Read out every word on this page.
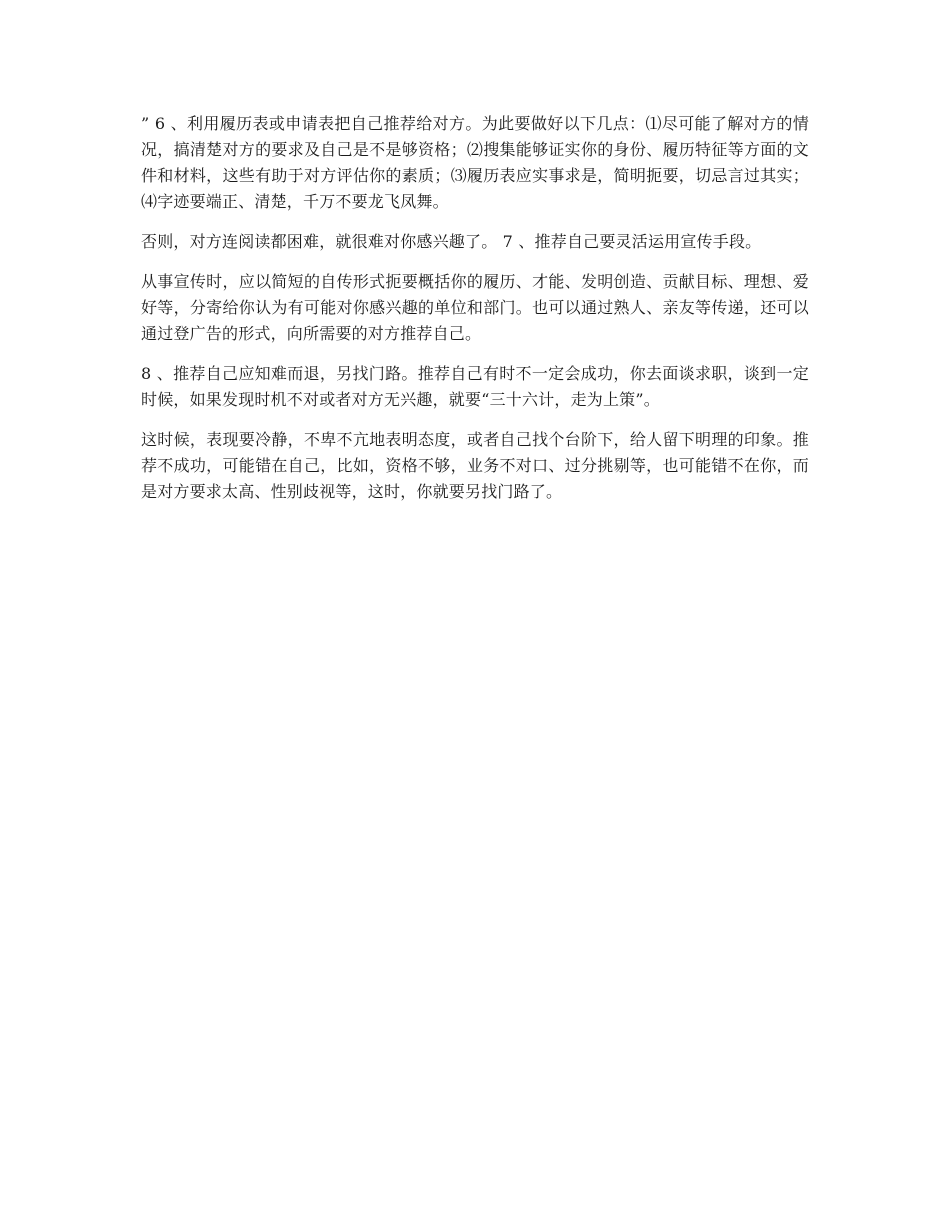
” 6 、利用履历表或申请表把自己推荐给对方。为此要做好以下几点：⑴尽可能了解对方的情况，搞清楚对方的要求及自己是不是够资格；⑵搜集能够证实你的身份、履历特征等方面的文件和材料，这些有助于对方评估你的素质；⑶履历表应实事求是，简明扼要，切忌言过其实；⑷字迹要端正、清楚，千万不要龙飞凤舞。

否则，对方连阅读都困难，就很难对你感兴趣了。 7 、推荐自己要灵活运用宣传手段。

从事宣传时，应以简短的自传形式扼要概括你的履历、才能、发明创造、贡献目标、理想、爱好等，分寄给你认为有可能对你感兴趣的单位和部门。也可以通过熟人、亲友等传递，还可以通过登广告的形式，向所需要的对方推荐自己。

8 、推荐自己应知难而退，另找门路。推荐自己有时不一定会成功，你去面谈求职，谈到一定时候，如果发现时机不对或者对方无兴趣，就要“三十六计，走为上策”。

这时候，表现要冷静，不卑不亢地表明态度，或者自己找个台阶下，给人留下明理的印象。推荐不成功，可能错在自己，比如，资格不够，业务不对口、过分挑剔等，也可能错不在你，而是对方要求太高、性别歧视等，这时，你就要另找门路了。
